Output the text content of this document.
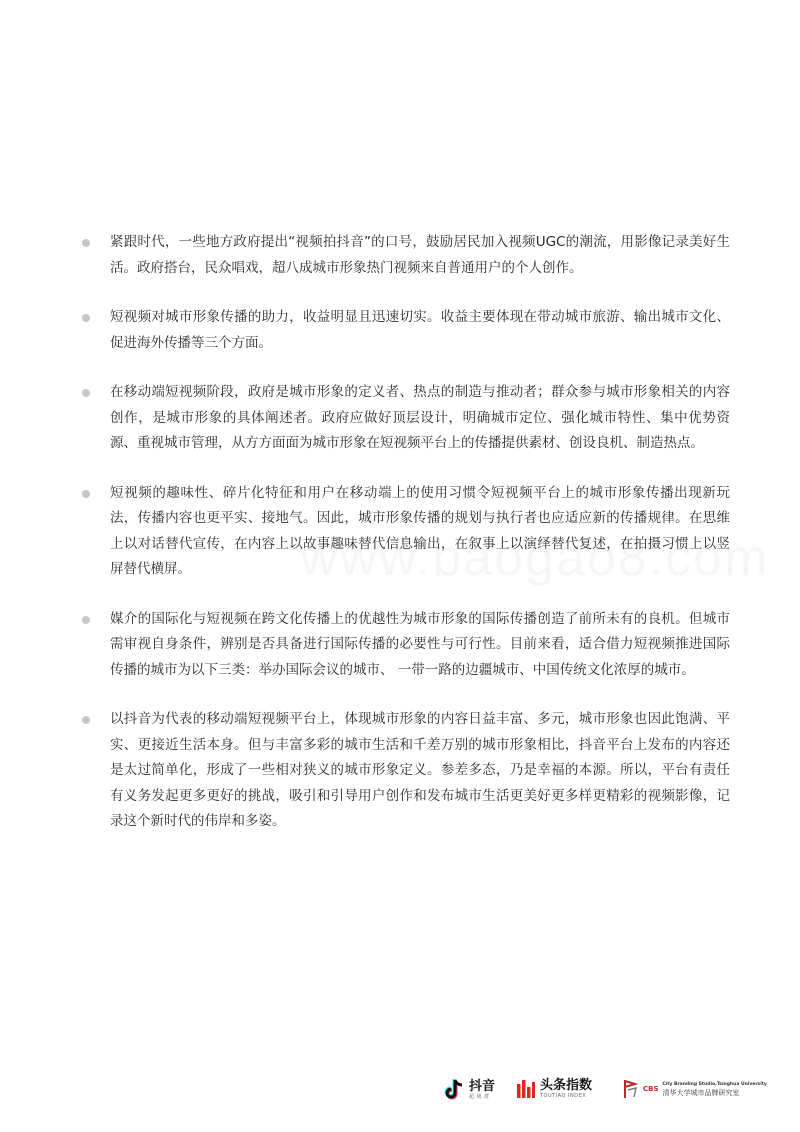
紧跟时代，一些地方政府提出“视频拍抖音”的口号，鼓励居民加入视频UGC的潮流，用影像记录美好生活。政府搭台，民众唱戏，超八成城市形象热门视频来自普通用户的个人创作。
短视频对城市形象传播的助力，收益明显且迅速切实。收益主要体现在带动城市旅游、输出城市文化、促进海外传播等三个方面。
在移动端短视频阶段，政府是城市形象的定义者、热点的制造与推动者；群众参与城市形象相关的内容创作，是城市形象的具体阐述者。政府应做好顶层设计，明确城市定位、强化城市特性、集中优势资源、重视城市管理，从方方面面为城市形象在短视频平台上的传播提供素材、创设良机、制造热点。
短视频的趣味性、碎片化特征和用户在移动端上的使用习惯令短视频平台上的城市形象传播出现新玩法，传播内容也更平实、接地气。因此，城市形象传播的规划与执行者也应适应新的传播规律。在思维上以对话替代宣传，在内容上以故事趣味替代信息输出，在叙事上以演绎替代复述，在拍摄习惯上以竖屏替代横屏。
媒介的国际化与短视频在跨文化传播上的优越性为城市形象的国际传播创造了前所未有的良机。但城市需审视自身条件，辨别是否具备进行国际传播的必要性与可行性。目前来看，适合借力短视频推进国际传播的城市为以下三类：举办国际会议的城市、 一带一路的边疆城市、中国传统文化浓厚的城市。
以抖音为代表的移动端短视频平台上，体现城市形象的内容日益丰富、多元，城市形象也因此饱满、平实、更接近生活本身。但与丰富多彩的城市生活和千差万别的城市形象相比，抖音平台上发布的内容还是太过简单化，形成了一些相对狭义的城市形象定义。参差多态，乃是幸福的本源。所以，平台有责任有义务发起更多更好的挑战，吸引和引导用户创作和发布城市生活更美好更多样更精彩的视频影像，记录这个新时代的伟岸和多姿。
抖音
超 级 群
头条指数
TOUTIAO INDEX
CBS
City Branding Studio,Tsinghua University
清华大学城市品牌研究室
